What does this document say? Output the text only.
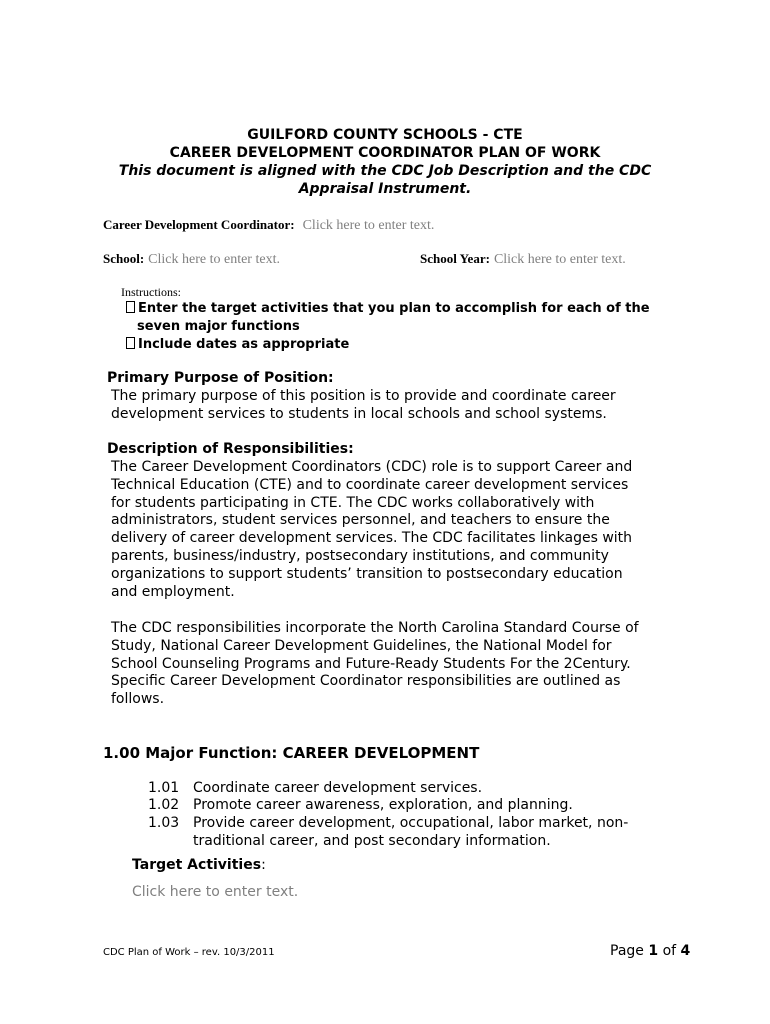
GUILFORD COUNTY SCHOOLS - CTE
CAREER DEVELOPMENT COORDINATOR PLAN OF WORK
This document is aligned with the CDC Job Description and the CDC
Appraisal Instrument.
Career Development Coordinator: Click here to enter text.
School: Click here to enter text.	School Year: Click here to enter text.
Instructions:
Enter the target activities that you plan to accomplish for each of the
seven major functions
Include dates as appropriate
Primary Purpose of Position:
The primary purpose of this position is to provide and coordinate career
development services to students in local schools and school systems.
Description of Responsibilities:
The Career Development Coordinators (CDC) role is to support Career and
Technical Education (CTE) and to coordinate career development services
for students participating in CTE. The CDC works collaboratively with
administrators, student services personnel, and teachers to ensure the
delivery of career development services. The CDC facilitates linkages with
parents, business/industry, postsecondary institutions, and community
organizations to support students’ transition to postsecondary education
and employment.
The CDC responsibilities incorporate the North Carolina Standard Course of
Study, National Career Development Guidelines, the National Model for
School Counseling Programs and Future-Ready Students For the 2Century.
Specific Career Development Coordinator responsibilities are outlined as
follows.
1.00 Major Function: CAREER DEVELOPMENT
1.01 Coordinate career development services.
1.02 Promote career awareness, exploration, and planning.
1.03 Provide career development, occupational, labor market, non-traditional career, and post secondary information.
Target Activities:
Click here to enter text.
CDC Plan of Work – rev. 10/3/2011	Page 1 of 4
